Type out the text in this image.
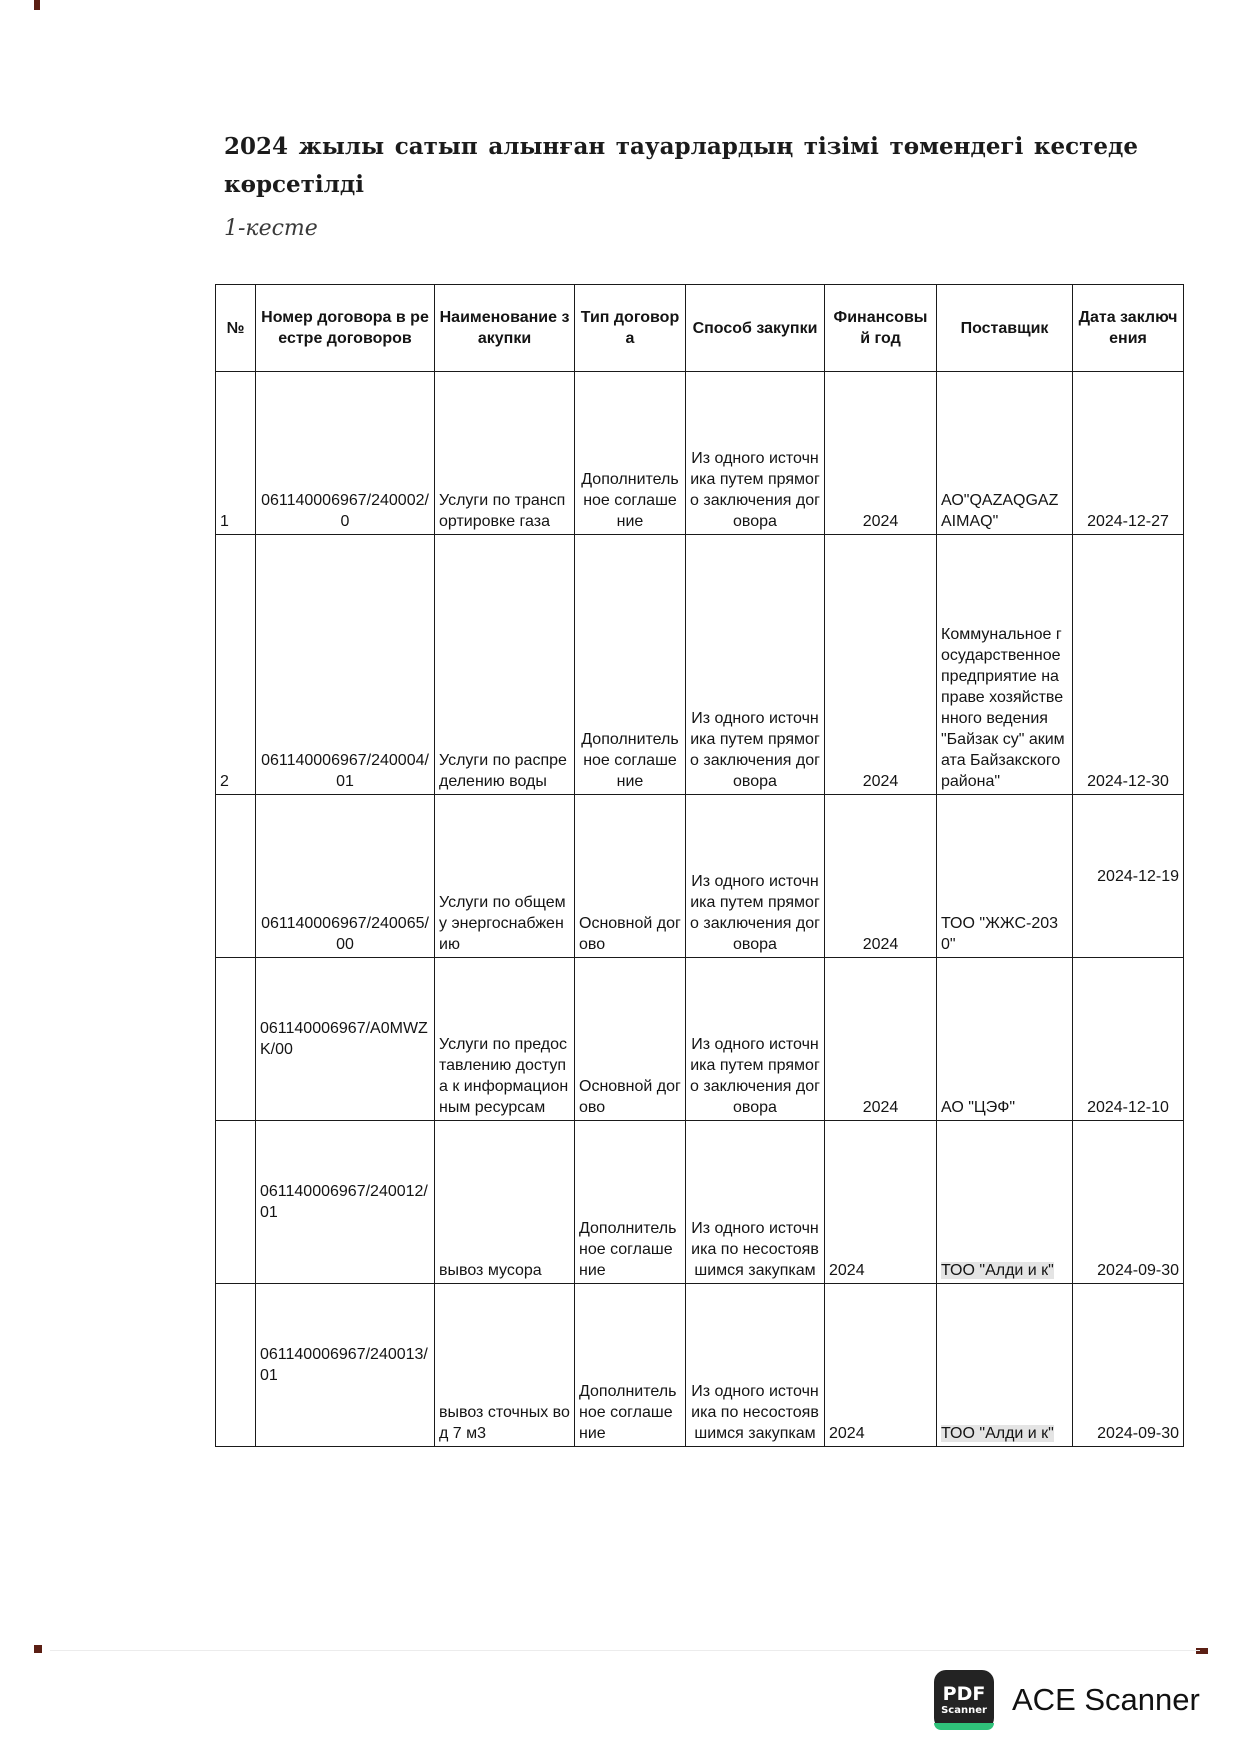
2024 жылы сатып алынған тауарлардың тізімі төмендегі кестеде
көрсетілді
1-кесте
№	Номер договора в реестре договоров	Наименование закупки	Тип договора	Способ закупки	Финансовый год	Поставщик	Дата заключения
1	061140006967/240002/0	Услуги по транспортировке газа	Дополнительное соглашение	Из одного источника путем прямого заключения договора	2024	АО"QAZAQGAZ AIMAQ"	2024-12-27
2	061140006967/240004/01	Услуги по распределению воды	Дополнительное соглашение	Из одного источника путем прямого заключения договора	2024	Коммунальное государственное предприятие на праве хозяйственного ведения "Байзак су" акимата Байзакского района"	2024-12-30
	061140006967/240065/00	Услуги по общему энергоснабжению	Основной догово	Из одного источника путем прямого заключения договора	2024	ТОО "ЖЖС-2030"	2024-12-19
	061140006967/A0MWZK/00	Услуги по предоставлению доступа к информационным ресурсам	Основной догово	Из одного источника путем прямого заключения договора	2024	АО "ЦЭФ"	2024-12-10
	061140006967/240012/01	вывоз мусора	Дополнительное соглашение	Из одного источника по несостоявшимся закупкам	2024	ТОО "Алди и к"	2024-09-30
	061140006967/240013/01	вывоз сточных вод 7 м3	Дополнительное соглашение	Из одного источника по несостоявшимся закупкам	2024	ТОО "Алди и к"	2024-09-30
PDF
Scanner ACE Scanner
